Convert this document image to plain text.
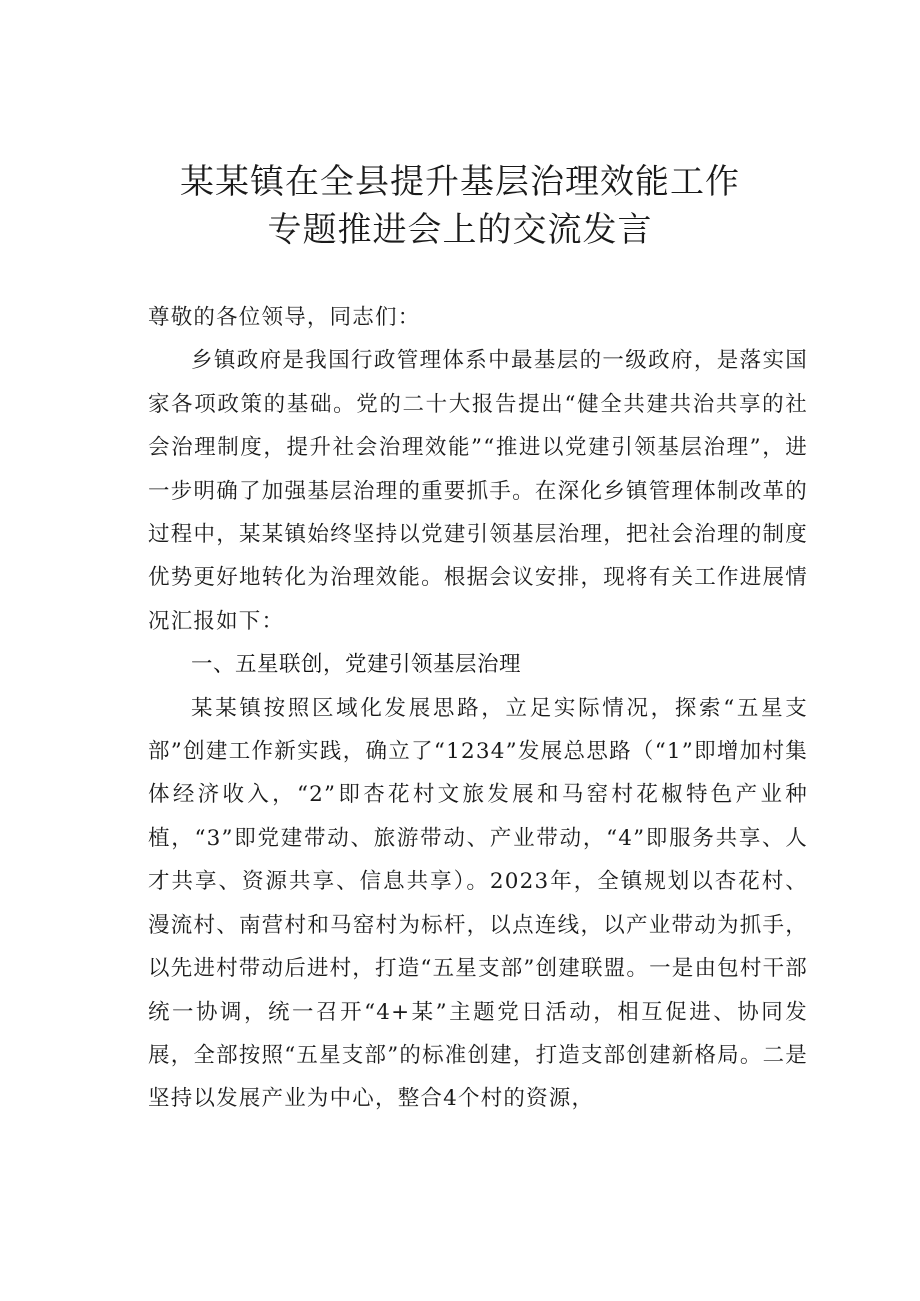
某某镇在全县提升基层治理效能工作
专题推进会上的交流发言

尊敬的各位领导，同志们：

乡镇政府是我国行政管理体系中最基层的一级政府，是落实国家各项政策的基础。党的二十大报告提出“健全共建共治共享的社会治理制度，提升社会治理效能”“推进以党建引领基层治理”，进一步明确了加强基层治理的重要抓手。在深化乡镇管理体制改革的过程中，某某镇始终坚持以党建引领基层治理，把社会治理的制度优势更好地转化为治理效能。根据会议安排，现将有关工作进展情况汇报如下：

一、五星联创，党建引领基层治理

某某镇按照区域化发展思路，立足实际情况，探索“五星支部”创建工作新实践，确立了“1234”发展总思路（“1”即增加村集体经济收入，“2”即杏花村文旅发展和马窑村花椒特色产业种植，“3”即党建带动、旅游带动、产业带动，“4”即服务共享、人才共享、资源共享、信息共享）。2023年，全镇规划以杏花村、漫流村、南营村和马窑村为标杆，以点连线，以产业带动为抓手，以先进村带动后进村，打造“五星支部”创建联盟。一是由包村干部统一协调，统一召开“4+某”主题党日活动，相互促进、协同发展，全部按照“五星支部”的标准创建，打造支部创建新格局。二是坚持以发展产业为中心，整合4个村的资源，
